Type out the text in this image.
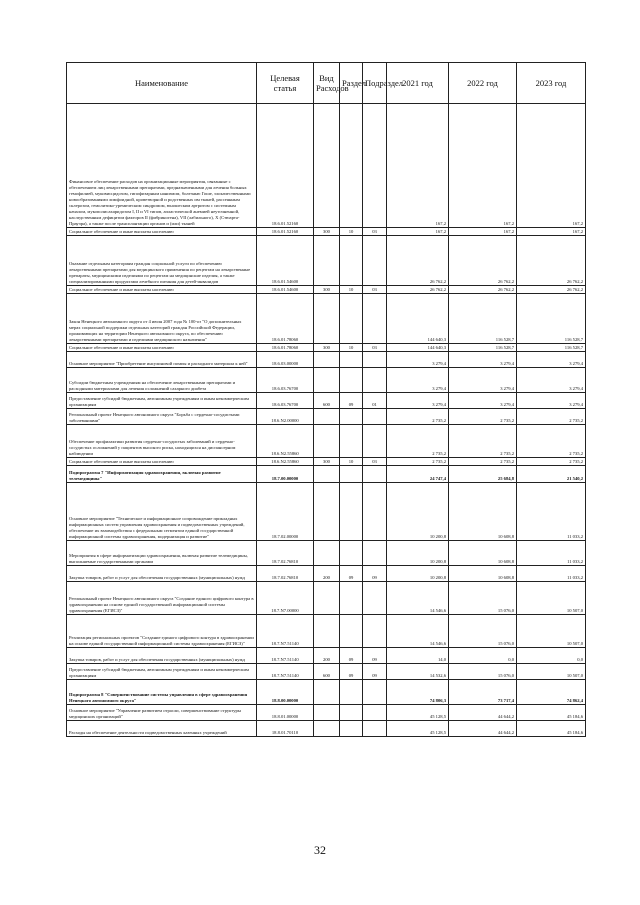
Наименование	Целевая статья	Вид Расходов	Раздел	Подраздел	2021 год	2022 год	2023 год
Финансовое обеспечение расходов на организационные мероприятия, связанные с обеспечением лиц лекарственными препаратами, предназначенными для лечения больных гемофилией, муковисцидозом, гипофизарным нанизмом, болезнью Гоше, злокачественными новообразованиями лимфоидной, кроветворной и родственных им тканей, рассеянным склерозом, гемолитико-уремическим синдромом, юношеским артритом с системным началом, мукополисахаридозом I, II и VI типов, апластической анемией неуточненной, наследственным дефицитом факторов II (фибриногена), VII (лабильного), X (Стюарта-Прауэра), а также после трансплантации органов и (или) тканей	18.6.01.52160				167,2	167,2	167,2
Социальное обеспечение и иные выплаты населению	18.6.01.52160	300	10	03	167,2	167,2	167,2
Оказание отдельным категориям граждан социальной услуги по обеспечению лекарственными препаратами для медицинского применения по рецептам на лекарственные препараты, медицинскими изделиями по рецептам на медицинские изделия, а также специализированными продуктами лечебного питания для детей-инвалидов	18.6.01.54600				26 762,2	26 762,2	26 762,2
Социальное обеспечение и иные выплаты населению	18.6.01.54600	300	10	03	26 762,2	26 762,2	26 762,2
Закон Ненецкого автономного округа от 4 июля 2007 года № 100-оз "О дополнительных мерах социальной поддержки отдельных категорий граждан Российской Федерации, проживающих на территории Ненецкого автономного округа, по обеспечению лекарственными препаратами и изделиями медицинского назначения"	18.6.01.78060				144 640,3	116 528,7	116 528,7
Социальное обеспечение и иные выплаты населению	18.6.01.78060	300	10	03	144 640,3	116 528,7	116 528,7
Основное мероприятие "Приобретение инсулиновой помпы и расходного материала к ней"	18.6.03.00000				3 279,4	3 279,4	3 279,4
Субсидии бюджетным учреждениям на обеспечение лекарственными препаратами и расходными материалами для лечения осложнений сахарного диабета	18.6.03.76700				3 279,4	3 279,4	3 279,4
Предоставление субсидий бюджетным, автономным учреждениям и иным некоммерческим организациям	18.6.03.76700	600	09	01	3 279,4	3 279,4	3 279,4
Региональный проект Ненецкого автономного округа "Борьба с сердечно-сосудистыми заболеваниями"	18.6.N2.00000				2 735,2	2 735,2	2 735,2
Обеспечение профилактики развития сердечно-сосудистых заболеваний и сердечно-сосудистых осложнений у пациентов высокого риска, находящихся на диспансерном наблюдении	18.6.N2.55860				2 735,2	2 735,2	2 735,2
Социальное обеспечение и иные выплаты населению	18.6.N2.55860	300	10	03	2 735,2	2 735,2	2 735,2
Подпрограмма 7 "Информатизация здравоохранения, включая развитие телемедицины"	18.7.00.00000				24 747,4	25 684,8	21 540,2
Основное мероприятие "Техническое и информационное сопровождение прикладных информационных систем управления здравоохранения и подведомственных учреждений, обеспечение их взаимодействия с федеральным сегментом единой государственной информационной системы здравоохранения, модернизация и развитие"	18.7.02.00000				10 200,8	10 608,8	11 033,2
Мероприятия в сфере информатизации здравоохранения, включая развитие телемедицины, выполняемые государственными органами	18.7.02.76810				10 200,8	10 608,8	11 033,2
Закупка товаров, работ и услуг для обеспечения государственных (муниципальных) нужд	18.7.02.76810	200	09	09	10 200,8	10 608,8	11 033,2
Региональный проект Ненецкого автономного округа "Создание единого цифрового контура в здравоохранении на основе единой государственной информационной системы здравоохранения (ЕГИСЗ)"	18.7.N7.00000				14 546,6	15 076,0	10 507,0
Реализация региональных проектов "Создание единого цифрового контура в здравоохранении на основе единой государственной информационной системы здравоохранения (ЕГИСЗ)"	18.7.N7.51140				14 546,6	15 076,0	10 507,0
Закупка товаров, работ и услуг для обеспечения государственных (муниципальных) нужд	18.7.N7.51140	200	09	09	14,0	0,0	0,0
Предоставление субсидий бюджетным, автономным учреждениям и иным некоммерческим организациям	18.7.N7.51140	600	09	09	14 532,6	15 076,0	10 507,0
Подпрограмма 8 "Совершенствование системы управления в сфере здравоохранения Ненецкого автономного округа"	18.8.00.00000				74 806,3	73 717,4	74 862,4
Основное мероприятие "Управление развитием отрасли, совершенствование структуры медицинских организаций"	18.8.01.00000				45 128,5	44 644,2	45 184,6
Расходы на обеспечение деятельности подведомственных казенных учреждений	18.8.01.70110				45 128,5	44 644,2	45 184,6
32
